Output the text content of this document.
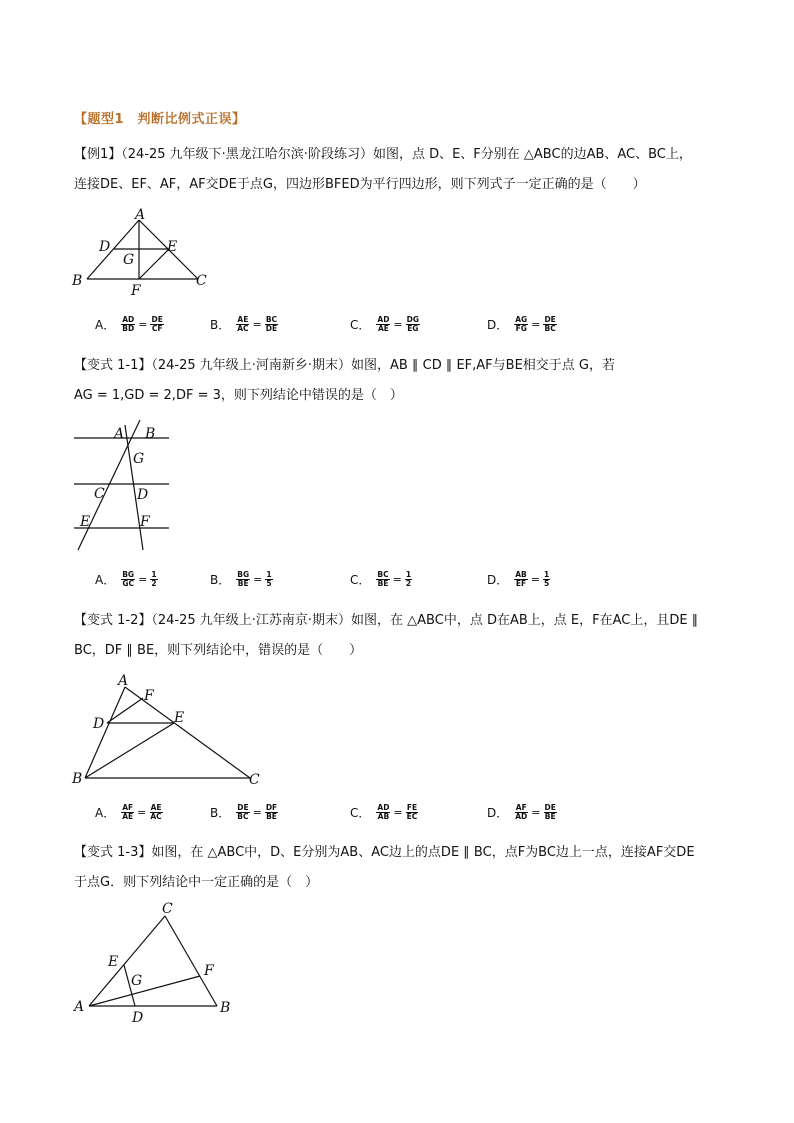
【题型1　判断比例式正误】
【例1】（24-25 九年级下·黑龙江哈尔滨·阶段练习）如图，点 D、E、F分别在 △ABC的边AB、AC、BC上，
连接DE、EF、AF，AF交DE于点G，四边形BFED为平行四边形，则下列式子一定正确的是（　　）
A
D	E
G
B
F
C
A． $\frac{AD}{BD} = \frac{DE}{CF}$	B． $\frac{AE}{AC} = \frac{BC}{DE}$	C． $\frac{AD}{AE} = \frac{DG}{EG}$	D． $\frac{AG}{FG} = \frac{DE}{BC}$
【变式 1-1】（24-25 九年级上·河南新乡·期末）如图，AB ∥ CD ∥ EF,AF与BE相交于点 G，若
AG = 1,GD = 2,DF = 3，则下列结论中错误的是（　）
A B
G
C D
E	F
A． $\frac{BG}{GC} = \frac{1}{2}$	B． $\frac{BG}{BE} = \frac{1}{5}$	C． $\frac{BC}{BE} = \frac{1}{2}$	D． $\frac{AB}{EF} = \frac{1}{5}$
【变式 1-2】（24-25 九年级上·江苏南京·期末）如图，在 △ABC中，点 D在AB上，点 E，F在AC上，且DE ∥
BC，DF ∥ BE，则下列结论中，错误的是（　　）
A
F
D	E
B	C
A． $\frac{AF}{AE} = \frac{AE}{AC}$	B． $\frac{DE}{BC} = \frac{DF}{BE}$	C． $\frac{AD}{AB} = \frac{FE}{EC}$	D． $\frac{AF}{AD} = \frac{DE}{BE}$
【变式 1-3】如图，在 △ABC中，D、E分别为AB、AC边上的点DE ∥ BC，点F为BC边上一点，连接AF交DE
于点G．则下列结论中一定正确的是（　）
C
E
F
G
A
D
B
